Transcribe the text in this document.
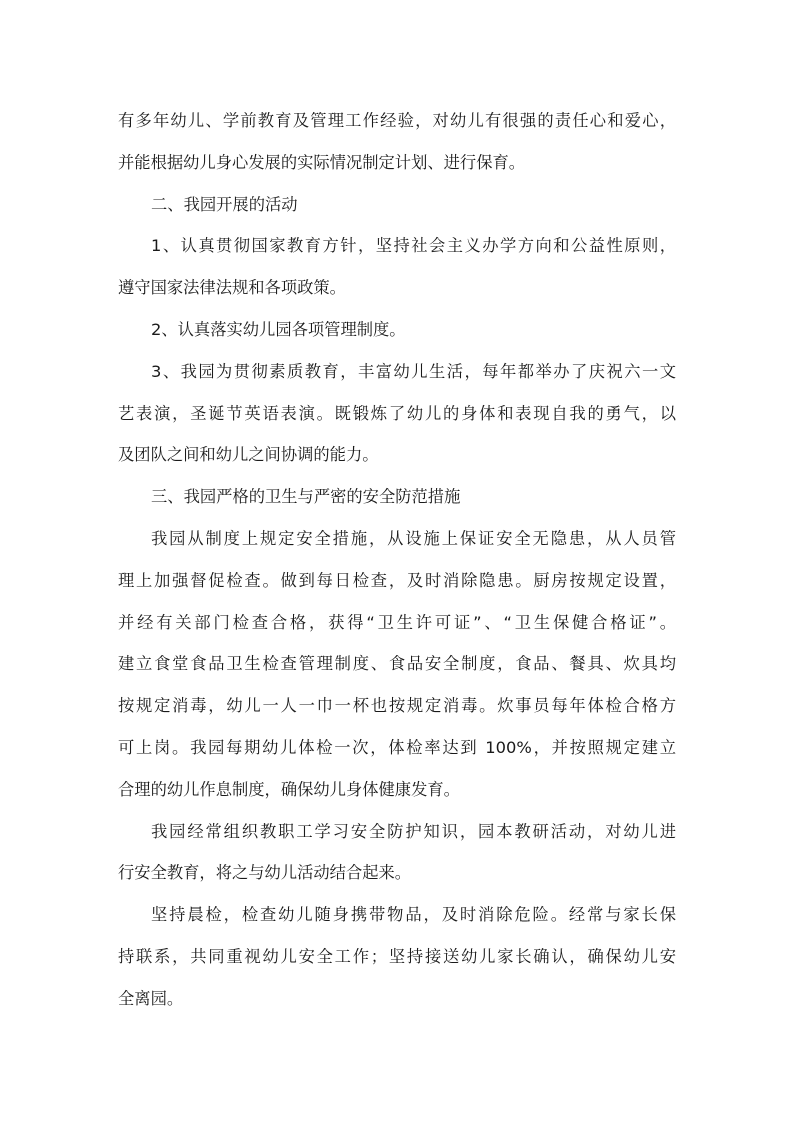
有多年幼儿、学前教育及管理工作经验，对幼儿有很强的责任心和爱心，
并能根据幼儿身心发展的实际情况制定计划、进行保育。
二、我园开展的活动
1、认真贯彻国家教育方针，坚持社会主义办学方向和公益性原则，
遵守国家法律法规和各项政策。
2、认真落实幼儿园各项管理制度。
3、我园为贯彻素质教育，丰富幼儿生活，每年都举办了庆祝六一文
艺表演，圣诞节英语表演。既锻炼了幼儿的身体和表现自我的勇气，以
及团队之间和幼儿之间协调的能力。
三、我园严格的卫生与严密的安全防范措施
我园从制度上规定安全措施，从设施上保证安全无隐患，从人员管
理上加强督促检查。做到每日检查，及时消除隐患。厨房按规定设置，
并经有关部门检查合格，获得“卫生许可证”、“卫生保健合格证”。
建立食堂食品卫生检查管理制度、食品安全制度，食品、餐具、炊具均
按规定消毒，幼儿一人一巾一杯也按规定消毒。炊事员每年体检合格方
可上岗。我园每期幼儿体检一次，体检率达到 100%，并按照规定建立
合理的幼儿作息制度，确保幼儿身体健康发育。
我园经常组织教职工学习安全防护知识，园本教研活动，对幼儿进
行安全教育，将之与幼儿活动结合起来。
坚持晨检，检查幼儿随身携带物品，及时消除危险。经常与家长保
持联系，共同重视幼儿安全工作；坚持接送幼儿家长确认，确保幼儿安
全离园。
